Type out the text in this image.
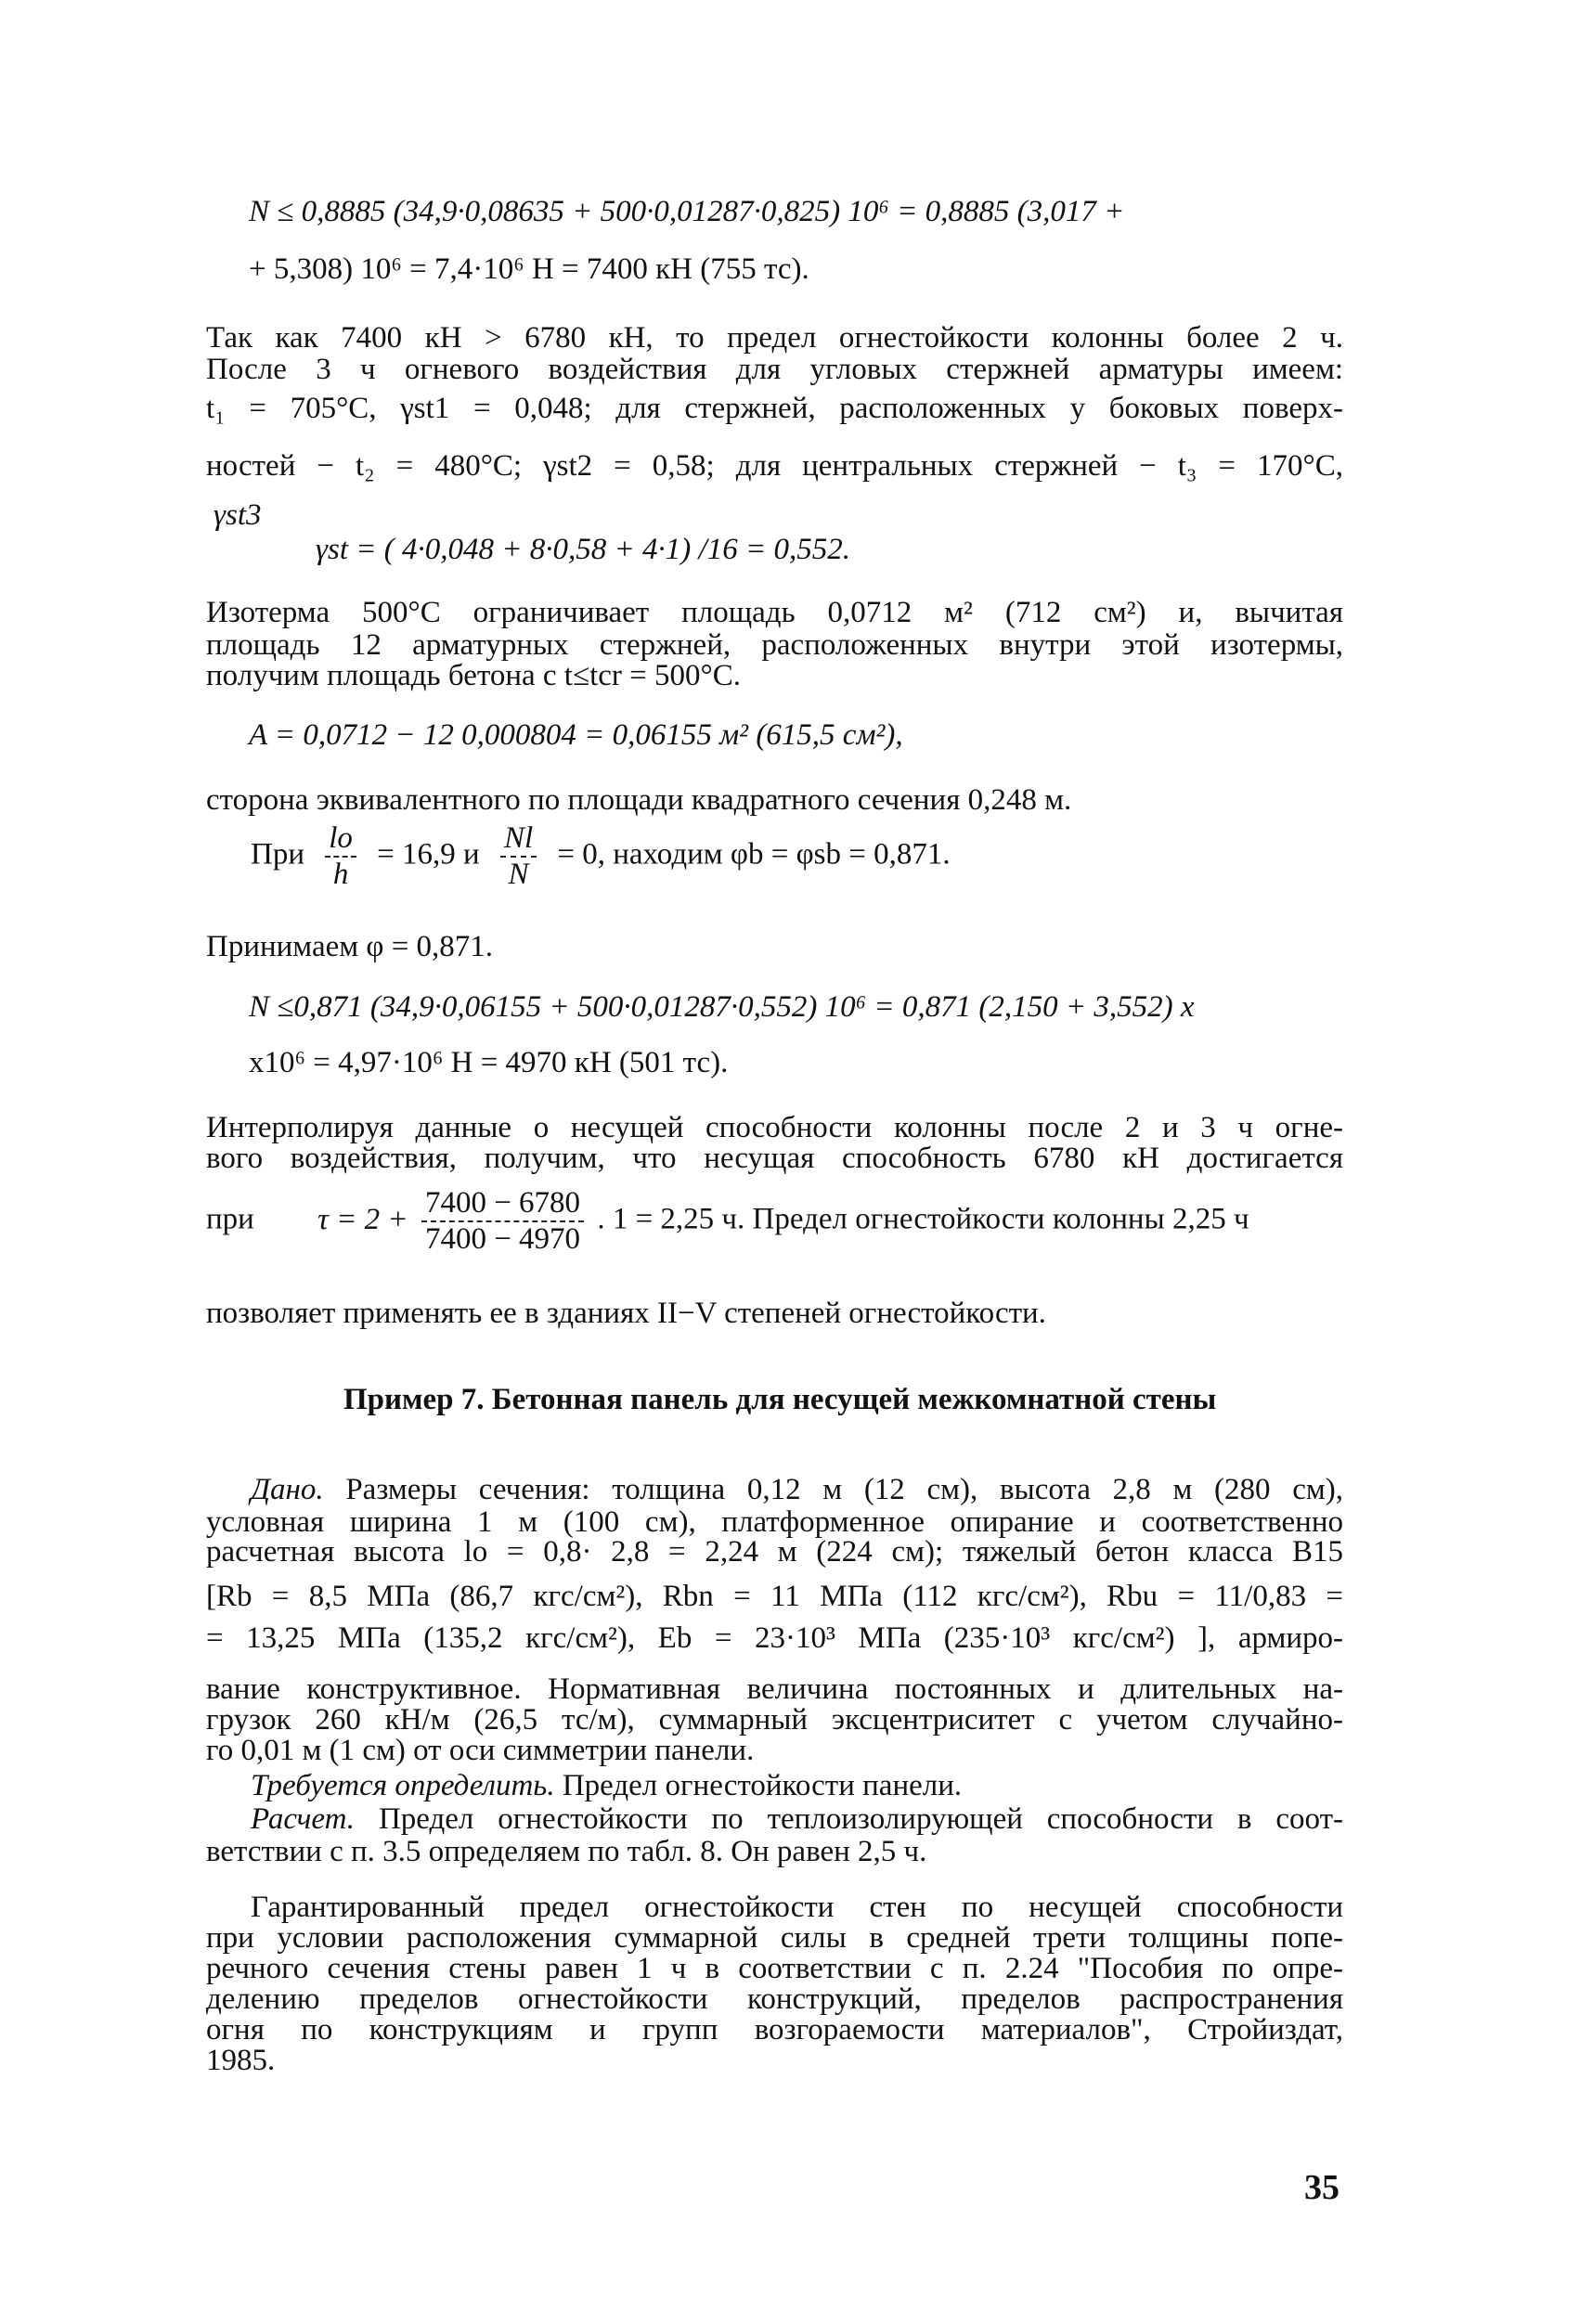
N ≤ 0,8885 (34,9·0,08635 + 500·0,01287·0,825) 10⁶ = 0,8885 (3,017 +
+ 5,308) 10⁶ = 7,4·10⁶ Н = 7400 кН (755 тс).
Так как 7400 кН > 6780 кН, то предел огнестойкости колонны более 2 ч.
После 3 ч огневого воздействия для угловых стержней арматуры имеем:
t₁ = 705°C, γst1 = 0,048; для стержней, расположенных у боковых поверх-
ностей − t₂ = 480°C; γst2 = 0,58; для центральных стержней − t₃ = 170°C,
γst3
γst = ( 4·0,048 + 8·0,58 + 4·1) /16 = 0,552.
Изотерма 500°С ограничивает площадь 0,0712 м² (712 см²) и, вычитая
площадь 12 арматурных стержней, расположенных внутри этой изотермы,
получим площадь бетона с t≤tcr = 500°С.
A = 0,0712 − 12 0,000804 = 0,06155 м² (615,5 см²),
сторона эквивалентного по площади квадратного сечения 0,248 м.
При $\frac{lo}{h} = 16,9$ и $\frac{Nl}{N} = 0$, находим φb = φsb = 0,871.
Принимаем φ = 0,871.
N ≤0,871 (34,9·0,06155 + 500·0,01287·0,552) 10⁶ = 0,871 (2,150 + 3,552) x
x10⁶ = 4,97·10⁶ Н = 4970 кН (501 тс).
Интерполируя данные о несущей способности колонны после 2 и 3 ч огне-
вого воздействия, получим, что несущая способность 6780 кН достигается
при $\tau = 2 + \frac{7400 - 6780}{7400 - 4970}$ . 1 = 2,25 ч. Предел огнестойкости колонны 2,25 ч
позволяет применять ее в зданиях II−V степеней огнестойкости.
Пример 7. Бетонная панель для несущей межкомнатной стены
Дано. Размеры сечения: толщина 0,12 м (12 см), высота 2,8 м (280 см),
условная ширина 1 м (100 см), платформенное опирание и соответственно
расчетная высота lo = 0,8· 2,8 = 2,24 м (224 см); тяжелый бетон класса В15
[Rb = 8,5 МПа (86,7 кгс/см²), Rbn = 11 МПа (112 кгс/см²), Rbu = 11/0,83 =
= 13,25 МПа (135,2 кгс/см²), Eb = 23·10³ МПа (235·10³ кгс/см²) ], армиро-
вание конструктивное. Нормативная величина постоянных и длительных на-
грузок 260 кН/м (26,5 тс/м), суммарный эксцентриситет с учетом случайно-
го 0,01 м (1 см) от оси симметрии панели.
Требуется определить. Предел огнестойкости панели.
Расчет. Предел огнестойкости по теплоизолирующей способности в соот-
ветствии с п. 3.5 определяем по табл. 8. Он равен 2,5 ч.
Гарантированный предел огнестойкости стен по несущей способности
при условии расположения суммарной силы в средней трети толщины попе-
речного сечения стены равен 1 ч в соответствии с п. 2.24 "Пособия по опре-
делению пределов огнестойкости конструкций, пределов распространения
огня по конструкциям и групп возгораемости материалов", Стройиздат,
1985.
35
